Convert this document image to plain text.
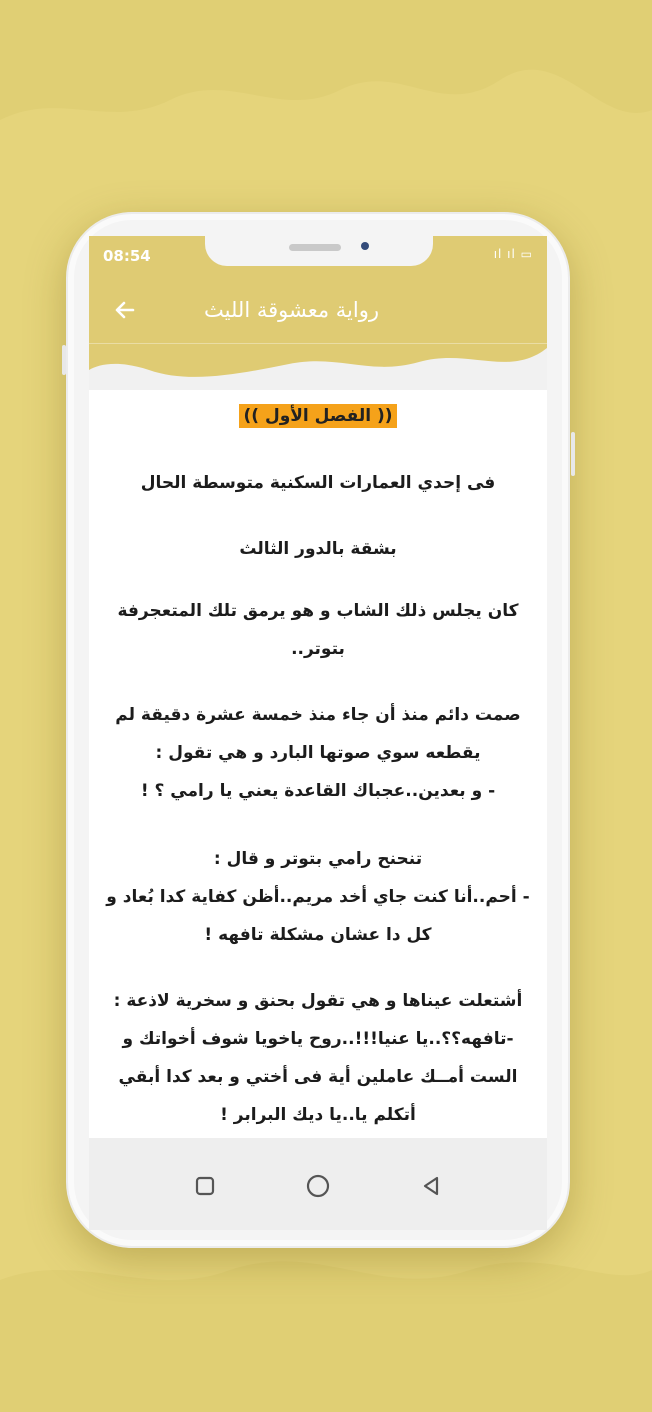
08:54	ıl ıl ▭
رواية معشوقة الليث
(( الفصل الأول ))
فى إحدي العمارات السكنية متوسطة الحال
بشقة بالدور الثالث
كان يجلس ذلك الشاب و هو يرمق تلك المتعجرفة بتوتر..
صمت دائم منذ أن جاء منذ خمسة عشرة دقيقة لم يقطعه سوي صوتها البارد و هي تقول :
- و بعدين..عجباك القاعدة يعني يا رامي ؟ !
تنحنح رامي بتوتر و قال :
- أحم..أنا كنت جاي أخد مريم..أظن كفاية كدا بُعاد و كل دا عشان مشكلة تافهه !
أشتعلت عيناها و هي تقول بحنق و سخرية لاذعة :
-تافهه؟؟..يا عنيا!!!..روح ياخويا شوف أخواتك و الست أمــك عاملين أية فى أختي و بعد كدا أبقي أتكلم يا..يا ديك البرابر !
